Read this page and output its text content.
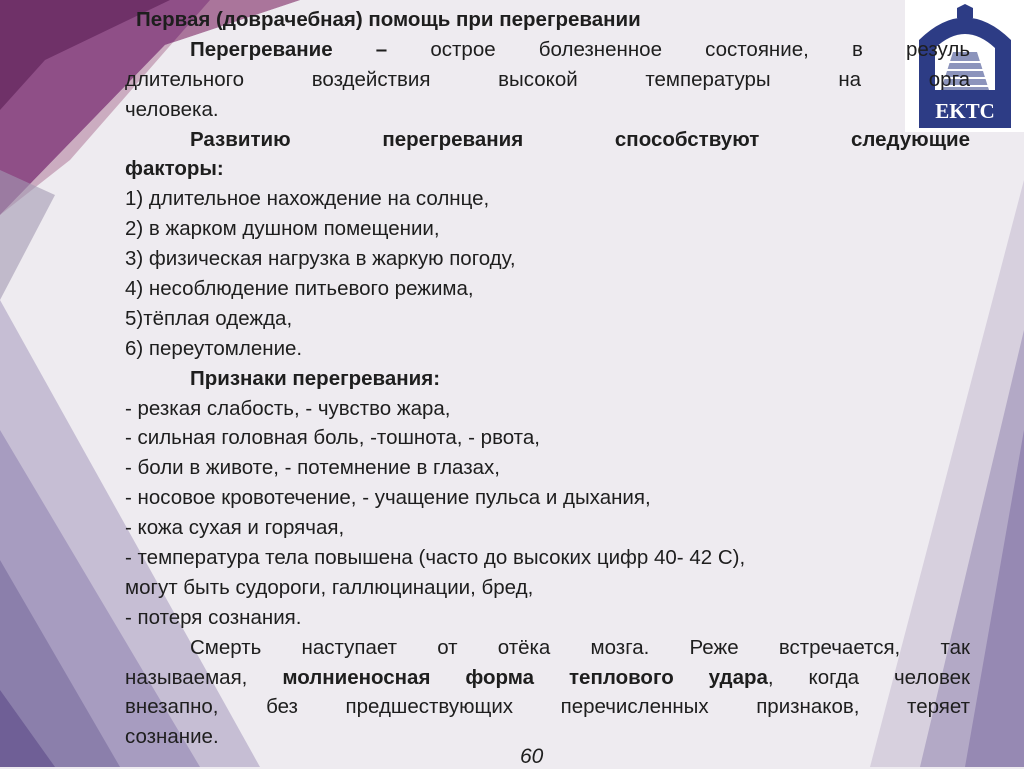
EKTC
Первая (доврачебная) помощь при перегревании
Перегревание – острое болезненное состояние, в резуль
длительного воздействия высокой температуры на орга
человека.
Развитию перегревания способствуют следующие
факторы:
1) длительное нахождение на солнце,
2) в жарком душном помещении,
3) физическая нагрузка в жаркую погоду,
4) несоблюдение питьевого режима,
5)тёплая одежда,
6) переутомление.
Признаки перегревания:
- резкая слабость, - чувство жара,
- сильная головная боль, -тошнота, - рвота,
- боли в животе, - потемнение в глазах,
- носовое кровотечение, - учащение пульса и дыхания,
- кожа сухая и горячая,
- температура тела повышена (часто до высоких цифр 40- 42 С),
могут быть судороги, галлюцинации, бред,
- потеря сознания.
Смерть наступает от отёка мозга. Реже встречается, так
называемая, молниеносная форма теплового удара, когда человек
внезапно, без предшествующих перечисленных признаков, теряет
сознание.
60
